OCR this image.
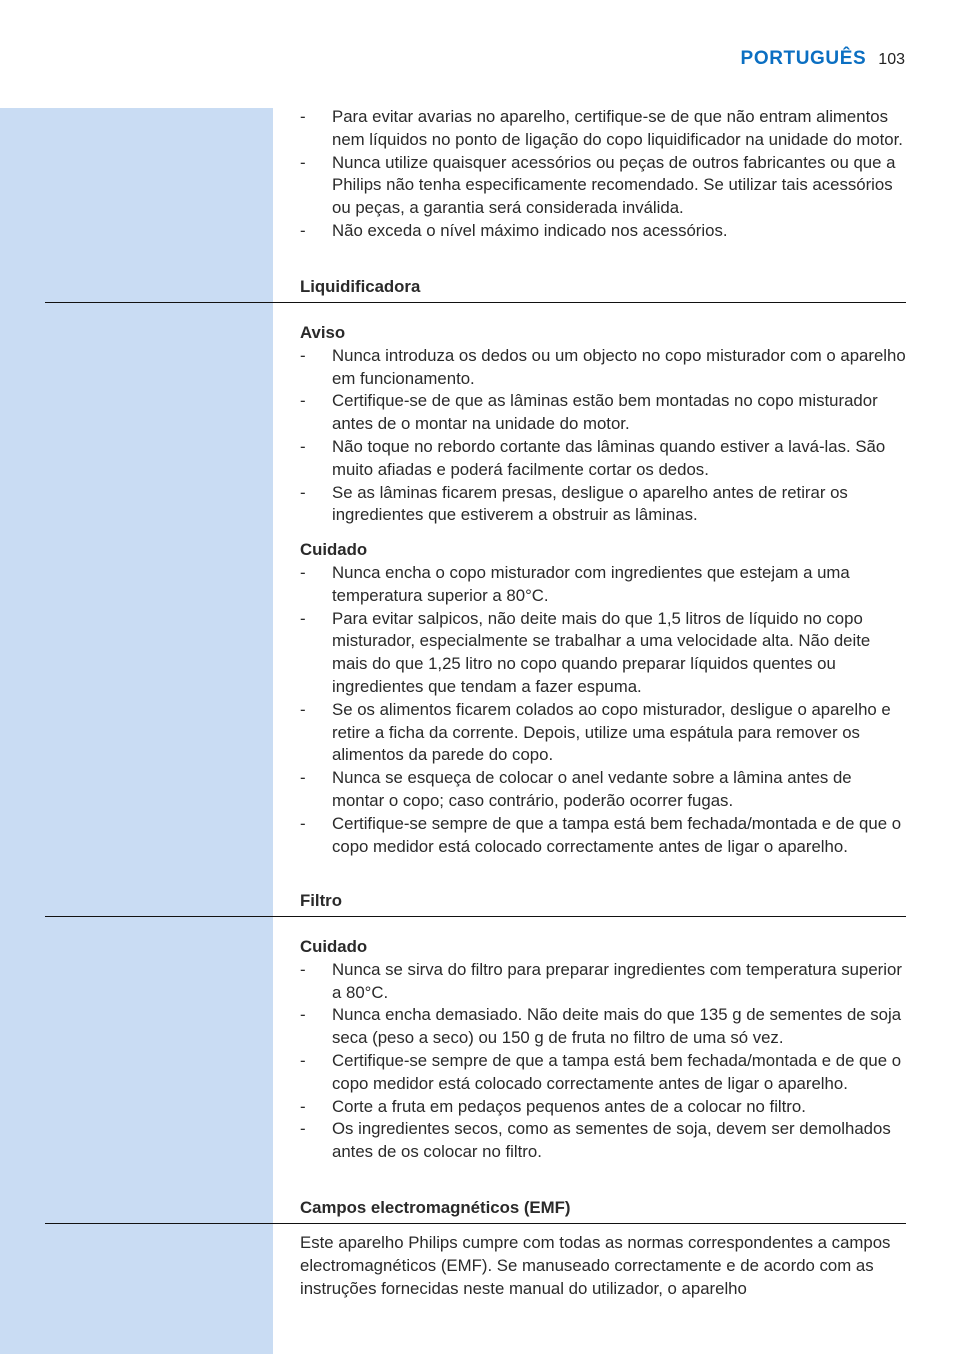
PORTUGUÊS 103
- Para evitar avarias no aparelho, certifique-se de que não entram alimentos nem líquidos no ponto de ligação do copo liquidificador na unidade do motor.
- Nunca utilize quaisquer acessórios ou peças de outros fabricantes ou que a Philips não tenha especificamente recomendado. Se utilizar tais acessórios ou peças, a garantia será considerada inválida.
- Não exceda o nível máximo indicado nos acessórios.
Liquidificadora
Aviso
- Nunca introduza os dedos ou um objecto no copo misturador com o aparelho em funcionamento.
- Certifique-se de que as lâminas estão bem montadas no copo misturador antes de o montar na unidade do motor.
- Não toque no rebordo cortante das lâminas quando estiver a lavá-las. São muito afiadas e poderá facilmente cortar os dedos.
- Se as lâminas ficarem presas, desligue o aparelho antes de retirar os ingredientes que estiverem a obstruir as lâminas.
Cuidado
- Nunca encha o copo misturador com ingredientes que estejam a uma temperatura superior a 80°C.
- Para evitar salpicos, não deite mais do que 1,5 litros de líquido no copo misturador, especialmente se trabalhar a uma velocidade alta. Não deite mais do que 1,25 litro no copo quando preparar líquidos quentes ou ingredientes que tendam a fazer espuma.
- Se os alimentos ficarem colados ao copo misturador, desligue o aparelho e retire a ficha da corrente. Depois, utilize uma espátula para remover os alimentos da parede do copo.
- Nunca se esqueça de colocar o anel vedante sobre a lâmina antes de montar o copo; caso contrário, poderão ocorrer fugas.
- Certifique-se sempre de que a tampa está bem fechada/montada e de que o copo medidor está colocado correctamente antes de ligar o aparelho.
Filtro
Cuidado
- Nunca se sirva do filtro para preparar ingredientes com temperatura superior a 80°C.
- Nunca encha demasiado. Não deite mais do que 135 g de sementes de soja seca (peso a seco) ou 150 g de fruta no filtro de uma só vez.
- Certifique-se sempre de que a tampa está bem fechada/montada e de que o copo medidor está colocado correctamente antes de ligar o aparelho.
- Corte a fruta em pedaços pequenos antes de a colocar no filtro.
- Os ingredientes secos, como as sementes de soja, devem ser demolhados antes de os colocar no filtro.
Campos electromagnéticos (EMF)

Este aparelho Philips cumpre com todas as normas correspondentes a campos electromagnéticos (EMF). Se manuseado correctamente e de acordo com as instruções fornecidas neste manual do utilizador, o aparelho
